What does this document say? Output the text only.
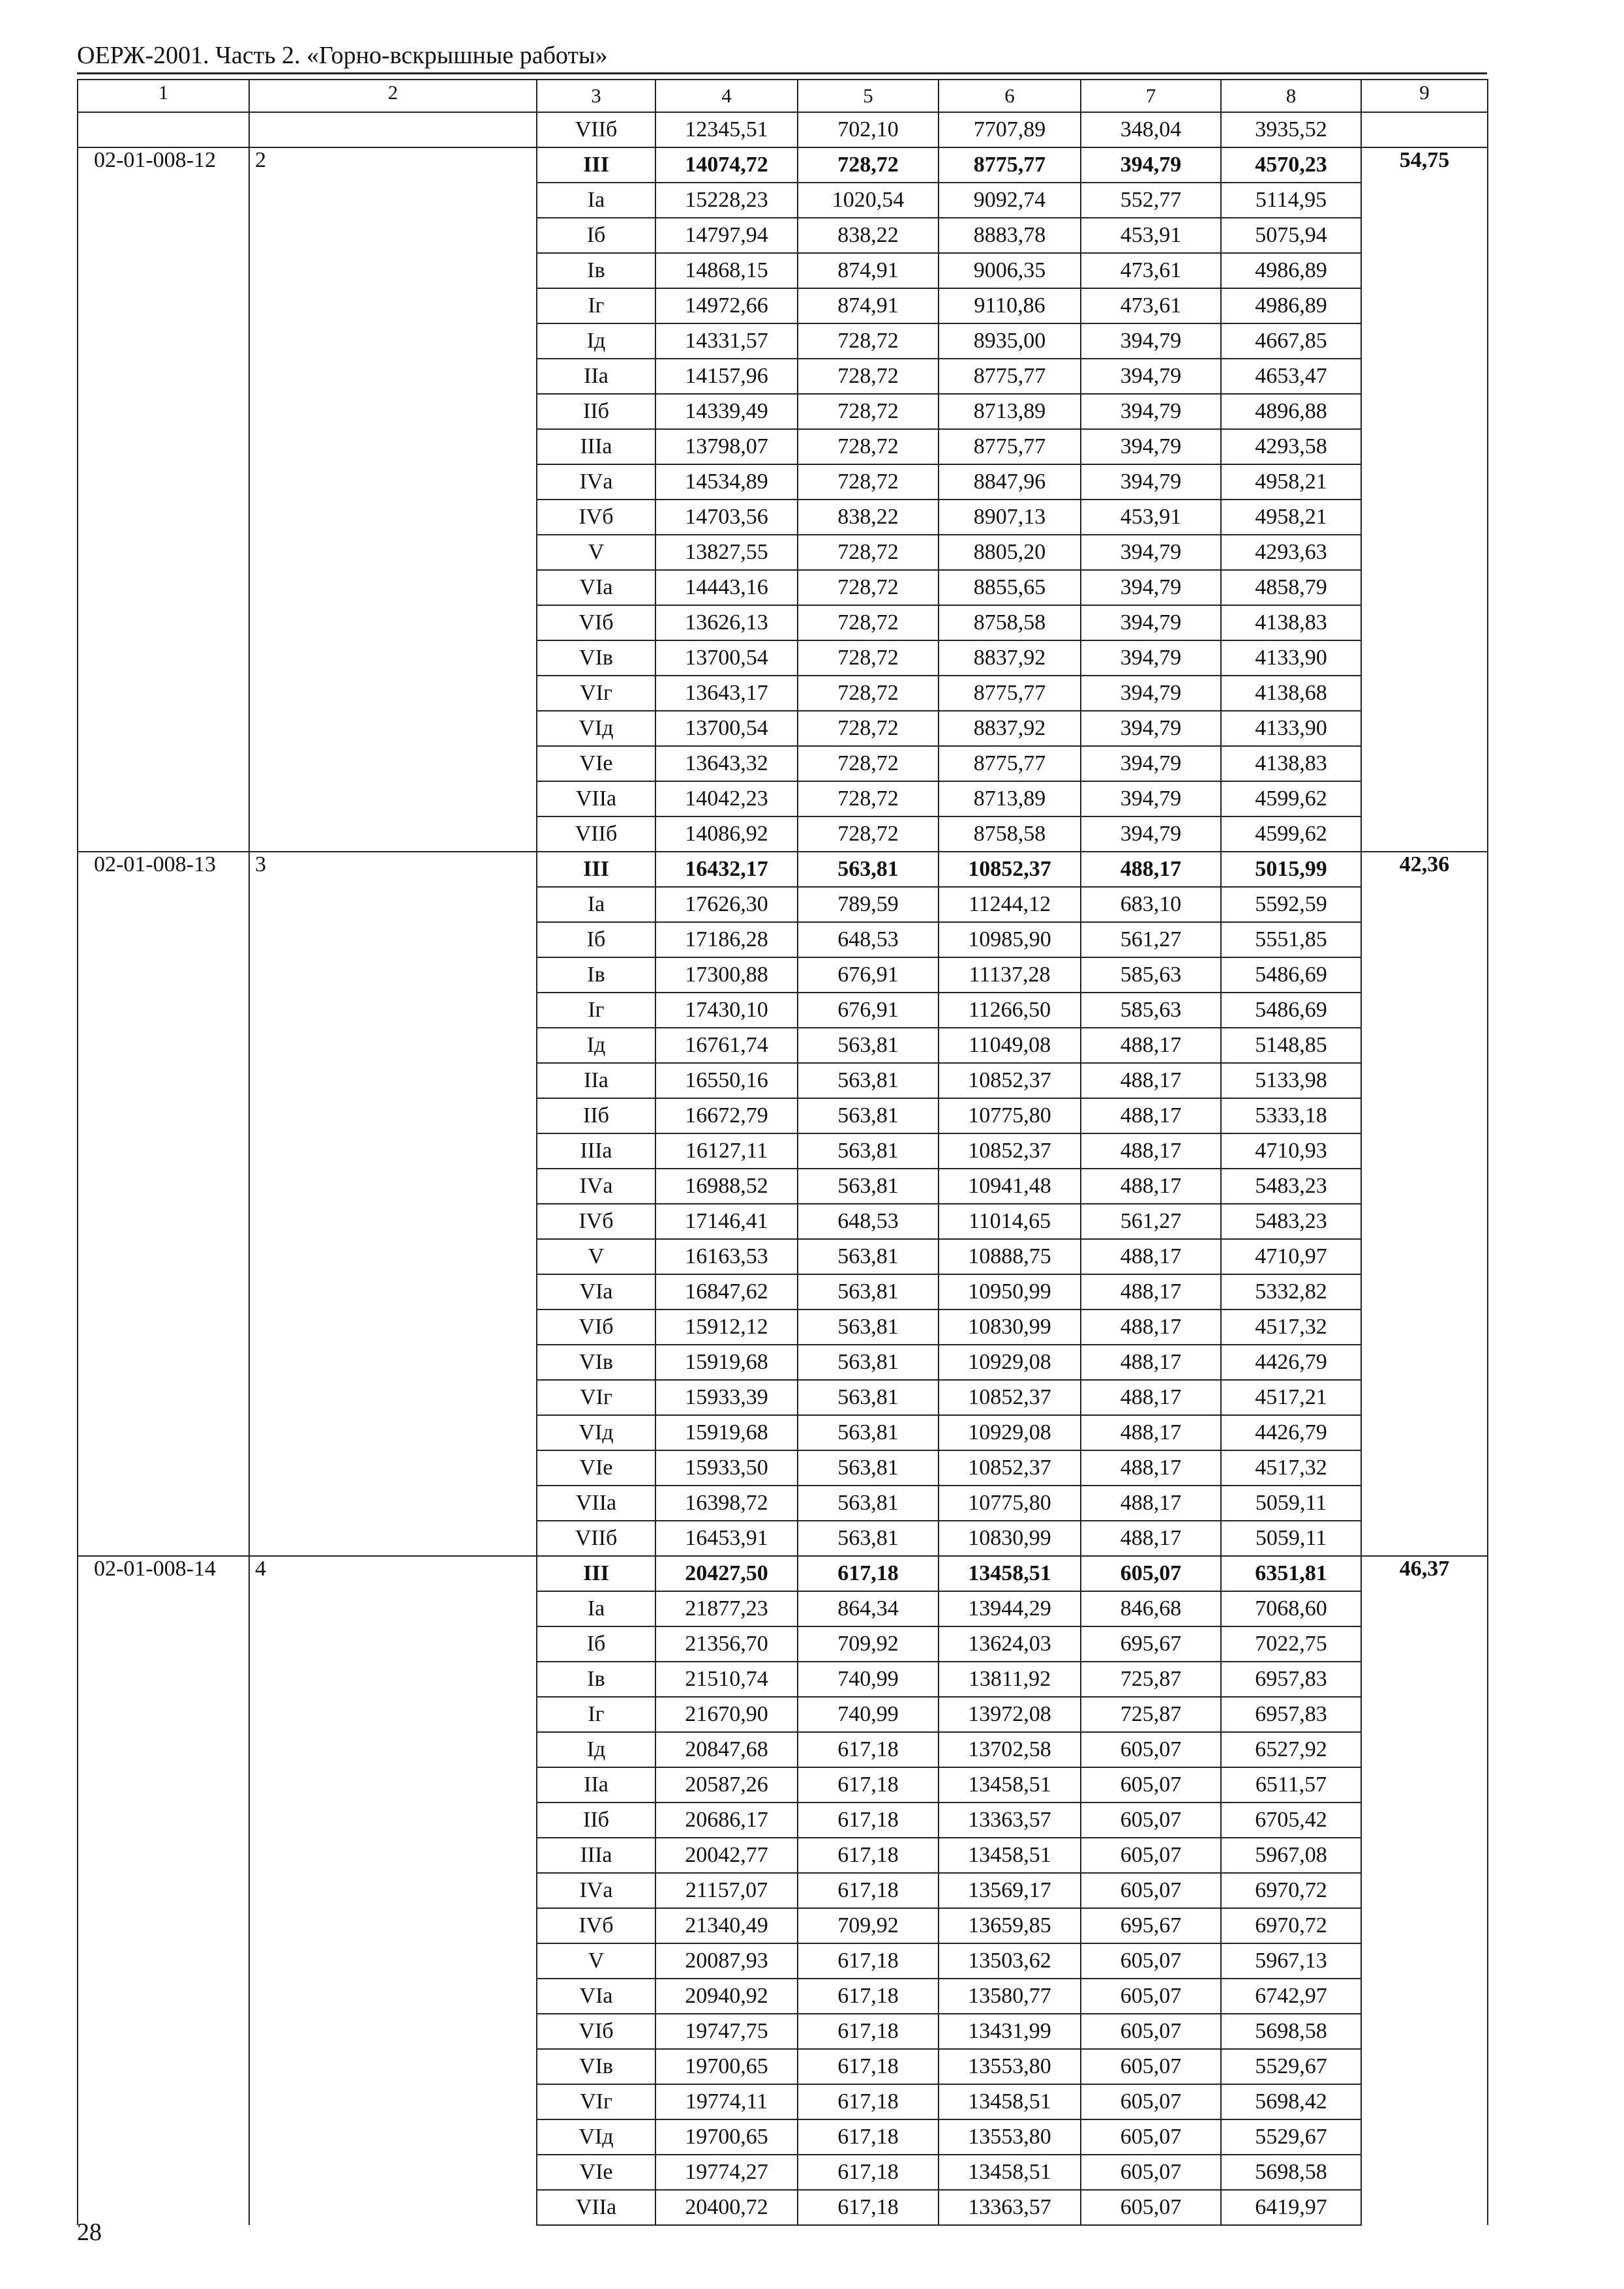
ОЕРЖ-2001. Часть 2. «Горно-вскрышные работы»
1	2	3	4	5	6	7	8	9
		VIIб	12345,51	702,10	7707,89	348,04	3935,52	
02-01-008-12	2	III	14074,72	728,72	8775,77	394,79	4570,23	54,75
		Iа	15228,23	1020,54	9092,74	552,77	5114,95	
		Iб	14797,94	838,22	8883,78	453,91	5075,94	
		Iв	14868,15	874,91	9006,35	473,61	4986,89	
		Iг	14972,66	874,91	9110,86	473,61	4986,89	
		Iд	14331,57	728,72	8935,00	394,79	4667,85	
		IIа	14157,96	728,72	8775,77	394,79	4653,47	
		IIб	14339,49	728,72	8713,89	394,79	4896,88	
		IIIа	13798,07	728,72	8775,77	394,79	4293,58	
		IVа	14534,89	728,72	8847,96	394,79	4958,21	
		IVб	14703,56	838,22	8907,13	453,91	4958,21	
		V	13827,55	728,72	8805,20	394,79	4293,63	
		VIа	14443,16	728,72	8855,65	394,79	4858,79	
		VIб	13626,13	728,72	8758,58	394,79	4138,83	
		VIв	13700,54	728,72	8837,92	394,79	4133,90	
		VIг	13643,17	728,72	8775,77	394,79	4138,68	
		VIд	13700,54	728,72	8837,92	394,79	4133,90	
		VIе	13643,32	728,72	8775,77	394,79	4138,83	
		VIIа	14042,23	728,72	8713,89	394,79	4599,62	
		VIIб	14086,92	728,72	8758,58	394,79	4599,62	
02-01-008-13	3	III	16432,17	563,81	10852,37	488,17	5015,99	42,36
		Iа	17626,30	789,59	11244,12	683,10	5592,59	
		Iб	17186,28	648,53	10985,90	561,27	5551,85	
		Iв	17300,88	676,91	11137,28	585,63	5486,69	
		Iг	17430,10	676,91	11266,50	585,63	5486,69	
		Iд	16761,74	563,81	11049,08	488,17	5148,85	
		IIа	16550,16	563,81	10852,37	488,17	5133,98	
		IIб	16672,79	563,81	10775,80	488,17	5333,18	
		IIIа	16127,11	563,81	10852,37	488,17	4710,93	
		IVа	16988,52	563,81	10941,48	488,17	5483,23	
		IVб	17146,41	648,53	11014,65	561,27	5483,23	
		V	16163,53	563,81	10888,75	488,17	4710,97	
		VIа	16847,62	563,81	10950,99	488,17	5332,82	
		VIб	15912,12	563,81	10830,99	488,17	4517,32	
		VIв	15919,68	563,81	10929,08	488,17	4426,79	
		VIг	15933,39	563,81	10852,37	488,17	4517,21	
		VIд	15919,68	563,81	10929,08	488,17	4426,79	
		VIе	15933,50	563,81	10852,37	488,17	4517,32	
		VIIа	16398,72	563,81	10775,80	488,17	5059,11	
		VIIб	16453,91	563,81	10830,99	488,17	5059,11	
02-01-008-14	4	III	20427,50	617,18	13458,51	605,07	6351,81	46,37
		Iа	21877,23	864,34	13944,29	846,68	7068,60	
		Iб	21356,70	709,92	13624,03	695,67	7022,75	
		Iв	21510,74	740,99	13811,92	725,87	6957,83	
		Iг	21670,90	740,99	13972,08	725,87	6957,83	
		Iд	20847,68	617,18	13702,58	605,07	6527,92	
		IIа	20587,26	617,18	13458,51	605,07	6511,57	
		IIб	20686,17	617,18	13363,57	605,07	6705,42	
		IIIа	20042,77	617,18	13458,51	605,07	5967,08	
		IVа	21157,07	617,18	13569,17	605,07	6970,72	
		IVб	21340,49	709,92	13659,85	695,67	6970,72	
		V	20087,93	617,18	13503,62	605,07	5967,13	
		VIа	20940,92	617,18	13580,77	605,07	6742,97	
		VIб	19747,75	617,18	13431,99	605,07	5698,58	
		VIв	19700,65	617,18	13553,80	605,07	5529,67	
		VIг	19774,11	617,18	13458,51	605,07	5698,42	
		VIд	19700,65	617,18	13553,80	605,07	5529,67	
		VIе	19774,27	617,18	13458,51	605,07	5698,58	
		VIIа	20400,72	617,18	13363,57	605,07	6419,97	
28
